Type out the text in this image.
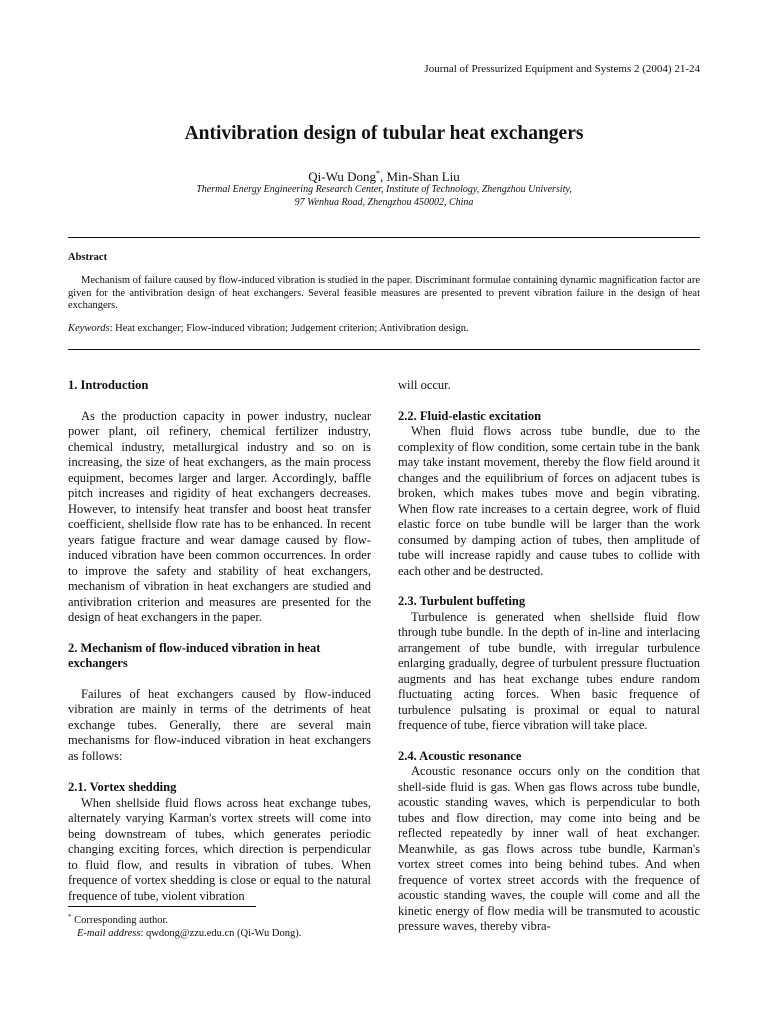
Journal of Pressurized Equipment and Systems 2 (2004) 21-24
Antivibration design of tubular heat exchangers
Qi-Wu Dong*, Min-Shan Liu
Thermal Energy Engineering Research Center, Institute of Technology, Zhengzhou University,
97 Wenhua Road, Zhengzhou 450002, China
Abstract
Mechanism of failure caused by flow-induced vibration is studied in the paper. Discriminant formulae containing dynamic magnification factor are given for the antivibration design of heat exchangers. Several feasible measures are presented to prevent vibration failure in the design of heat exchangers.
Keywords: Heat exchanger; Flow-induced vibration; Judgement criterion; Antivibration design.
1. Introduction

As the production capacity in power industry, nuclear power plant, oil refinery, chemical fertilizer industry, chemical industry, metallurgical industry and so on is increasing, the size of heat exchangers, as the main process equipment, becomes larger and larger. Accordingly, baffle pitch increases and rigidity of heat exchangers decreases. However, to intensify heat transfer and boost heat transfer coefficient, shellside flow rate has to be enhanced. In recent years fatigue fracture and wear damage caused by flow-induced vibration have been common occurrences. In order to improve the safety and stability of heat exchangers, mechanism of vibration in heat exchangers are studied and antivibration criterion and measures are presented for the design of heat exchangers in the paper.

2. Mechanism of flow-induced vibration in heat exchangers

Failures of heat exchangers caused by flow-induced vibration are mainly in terms of the detriments of heat exchange tubes. Generally, there are several main mechanisms for flow-induced vibration in heat exchangers as follows:

2.1. Vortex shedding

When shellside fluid flows across heat exchange tubes, alternately varying Karman's vortex streets will come into being downstream of tubes, which generates periodic changing exciting forces, which direction is perpendicular to fluid flow, and results in vibration of tubes. When frequence of vortex shedding is close or equal to the natural frequence of tube, violent vibration

will occur.

2.2. Fluid-elastic excitation

When fluid flows across tube bundle, due to the complexity of flow condition, some certain tube in the bank may take instant movement, thereby the flow field around it changes and the equilibrium of forces on adjacent tubes is broken, which makes tubes move and begin vibrating. When flow rate increases to a certain degree, work of fluid elastic force on tube bundle will be larger than the work consumed by damping action of tubes, then amplitude of tube will increase rapidly and cause tubes to collide with each other and be destructed.

2.3. Turbulent buffeting

Turbulence is generated when shellside fluid flow through tube bundle. In the depth of in-line and interlacing arrangement of tube bundle, with irregular turbulence enlarging gradually, degree of turbulent pressure fluctuation augments and has heat exchange tubes endure random fluctuating acting forces. When basic frequence of turbulence pulsating is proximal or equal to natural frequence of tube, fierce vibration will take place.

2.4. Acoustic resonance

Acoustic resonance occurs only on the condition that shell-side fluid is gas. When gas flows across tube bundle, acoustic standing waves, which is perpendicular to both tubes and flow direction, may come into being and be reflected repeatedly by inner wall of heat exchanger. Meanwhile, as gas flows across tube bundle, Karman's vortex street comes into being behind tubes. And when frequence of vortex street accords with the frequence of acoustic standing waves, the couple will come and all the kinetic energy of flow media will be transmuted to acoustic pressure waves, thereby vibra-

* Corresponding author.
E-mail address: qwdong@zzu.edu.cn (Qi-Wu Dong).
